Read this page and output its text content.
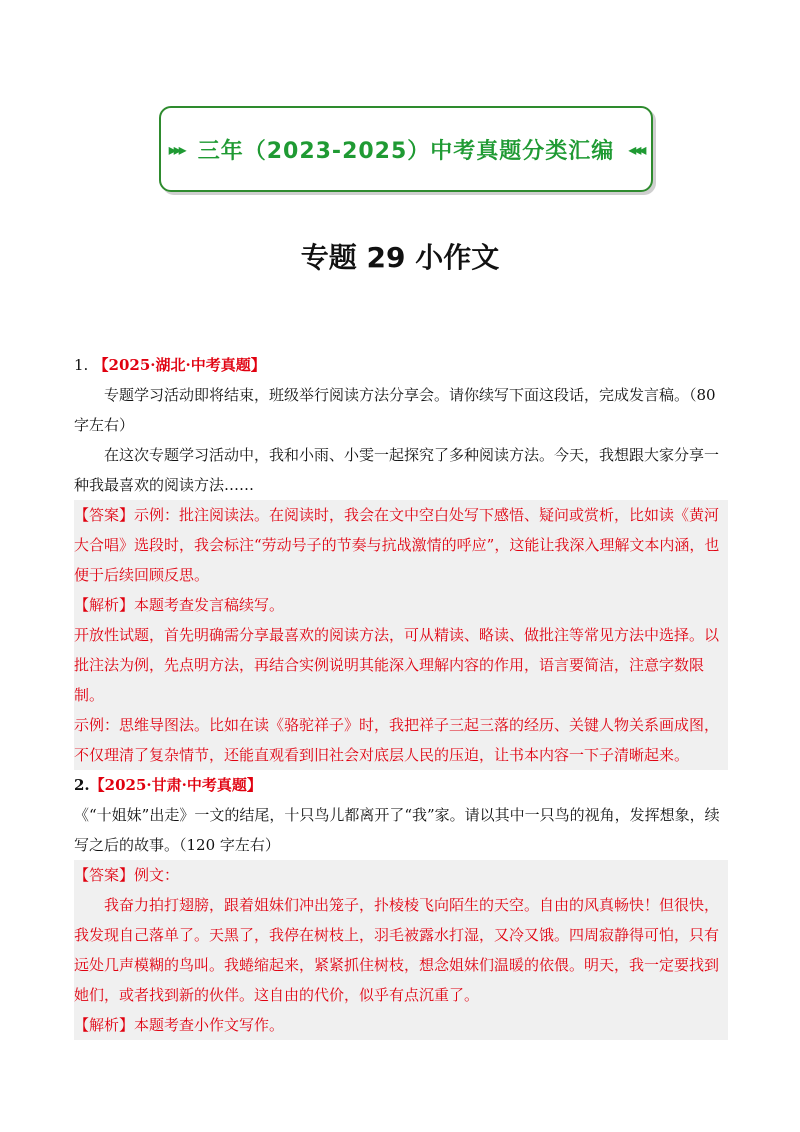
▸▸▸ 三年（2023-2025）中考真题分类汇编 ◂◂◂
专题 29 小作文

1. 【2025·湖北·中考真题】

专题学习活动即将结束，班级举行阅读方法分享会。请你续写下面这段话，完成发言稿。（80 字左右）

在这次专题学习活动中，我和小雨、小雯一起探究了多种阅读方法。今天，我想跟大家分享一种我最喜欢的阅读方法……

【答案】示例：批注阅读法。在阅读时，我会在文中空白处写下感悟、疑问或赏析，比如读《黄河大合唱》选段时，我会标注“劳动号子的节奏与抗战激情的呼应”，这能让我深入理解文本内涵，也便于后续回顾反思。

【解析】本题考查发言稿续写。

开放性试题，首先明确需分享最喜欢的阅读方法，可从精读、略读、做批注等常见方法中选择。以批注法为例，先点明方法，再结合实例说明其能深入理解内容的作用，语言要简洁，注意字数限制。

示例：思维导图法。比如在读《骆驼祥子》时，我把祥子三起三落的经历、关键人物关系画成图，不仅理清了复杂情节，还能直观看到旧社会对底层人民的压迫，让书本内容一下子清晰起来。

2.【2025·甘肃·中考真题】

《“十姐妹”出走》一文的结尾，十只鸟儿都离开了“我”家。请以其中一只鸟的视角，发挥想象，续写之后的故事。（120 字左右）

【答案】例文：

我奋力拍打翅膀，跟着姐妹们冲出笼子，扑棱棱飞向陌生的天空。自由的风真畅快！但很快，我发现自己落单了。天黑了，我停在树枝上，羽毛被露水打湿，又冷又饿。四周寂静得可怕，只有远处几声模糊的鸟叫。我蜷缩起来，紧紧抓住树枝，想念姐妹们温暖的依偎。明天，我一定要找到她们，或者找到新的伙伴。这自由的代价，似乎有点沉重了。

【解析】本题考查小作文写作。
